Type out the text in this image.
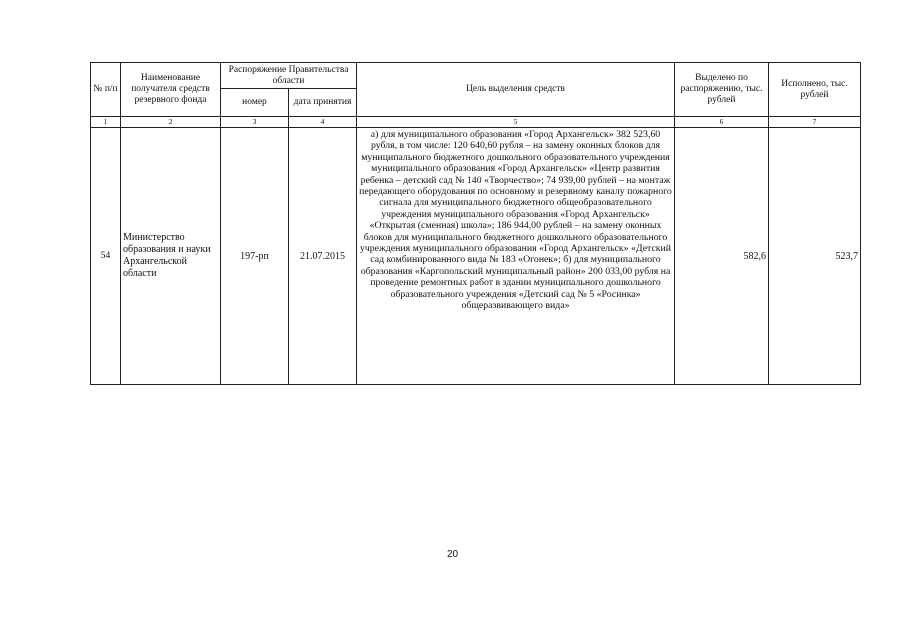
№ п/п	Наименование получателя средств резервного фонда	Распоряжение Правительства области		Цель выделения средств	Выделено по распоряжению, тыс. рублей	Исполнено, тыс. рублей
		номер	дата принятия			
1	2	3	4	5	6	7
54	Министерство образования и науки Архангельской области	197-рп	21.07.2015	а) для муниципального образования «Город Архангельск» 382 523,60 рубля, в том числе: 120 640,60 рубля – на замену оконных блоков для муниципального бюджетного дошкольного образовательного учреждения муниципального образования «Город Архангельск» «Центр развития ребенка – детский сад № 140 «Творчество»; 74 939,00 рублей – на монтаж передающего оборудования по основному и резервному каналу пожарного сигнала для муниципального бюджетного общеобразовательного учреждения муниципального образования «Город Архангельск» «Открытая (сменная) школа»; 186 944,00 рублей – на замену оконных блоков для муниципального бюджетного дошкольного образовательного учреждения муниципального образования «Город Архангельск» «Детский сад комбинированного вида № 183 «Огонек»; б) для муниципального образования «Каргопольский муниципальный район» 200 033,00 рубля на проведение ремонтных работ в здании муниципального дошкольного образовательного учреждения «Детский сад № 5 «Росинка» общеразвивающего вида»	582,6	523,7
20
